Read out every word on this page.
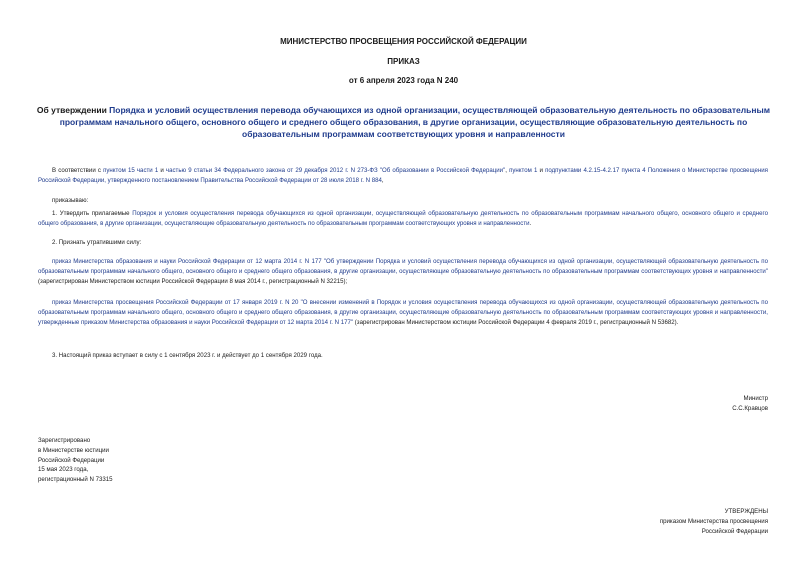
МИНИСТЕРСТВО ПРОСВЕЩЕНИЯ РОССИЙСКОЙ ФЕДЕРАЦИИ
ПРИКАЗ
от 6 апреля 2023 года N 240
Об утверждении Порядка и условий осуществления перевода обучающихся из одной организации, осуществляющей образовательную деятельность по образовательным программам начального общего, основного общего и среднего общего образования, в другие организации, осуществляющие образовательную деятельность по образовательным программам соответствующих уровня и направленности
В соответствии с пунктом 15 части 1 и частью 9 статьи 34 Федерального закона от 29 декабря 2012 г. N 273-ФЗ "Об образовании в Российской Федерации", пунктом 1 и подпунктами 4.2.15-4.2.17 пункта 4 Положения о Министерстве просвещения Российской Федерации, утвержденного постановлением Правительства Российской Федерации от 28 июля 2018 г. N 884,
приказываю:
1. Утвердить прилагаемые Порядок и условия осуществления перевода обучающихся из одной организации, осуществляющей образовательную деятельность по образовательным программам начального общего, основного общего и среднего общего образования, в другие организации, осуществляющие образовательную деятельность по образовательным программам соответствующих уровня и направленности.
2. Признать утратившими силу:
приказ Министерства образования и науки Российской Федерации от 12 марта 2014 г. N 177 "Об утверждении Порядка и условий осуществления перевода обучающихся из одной организации, осуществляющей образовательную деятельность по образовательным программам начального общего, основного общего и среднего общего образования, в другие организации, осуществляющие образовательную деятельность по образовательным программам соответствующих уровня и направленности" (зарегистрирован Министерством юстиции Российской Федерации 8 мая 2014 г., регистрационный N 32215);
приказ Министерства просвещения Российской Федерации от 17 января 2019 г. N 20 "О внесении изменений в Порядок и условия осуществления перевода обучающихся из одной организации, осуществляющей образовательную деятельность по образовательным программам начального общего, основного общего и среднего общего образования, в другие организации, осуществляющие образовательную деятельность по образовательным программам соответствующих уровня и направленности, утвержденные приказом Министерства образования и науки Российской Федерации от 12 марта 2014 г. N 177" (зарегистрирован Министерством юстиции Российской Федерации 4 февраля 2019 г., регистрационный N 53682).
3. Настоящий приказ вступает в силу с 1 сентября 2023 г. и действует до 1 сентября 2029 года.
Министр
С.С.Кравцов
Зарегистрировано
в Министерстве юстиции
Российской Федерации
15 мая 2023 года,
регистрационный N 73315
УТВЕРЖДЕНЫ
приказом Министерства просвещения
Российской Федерации
